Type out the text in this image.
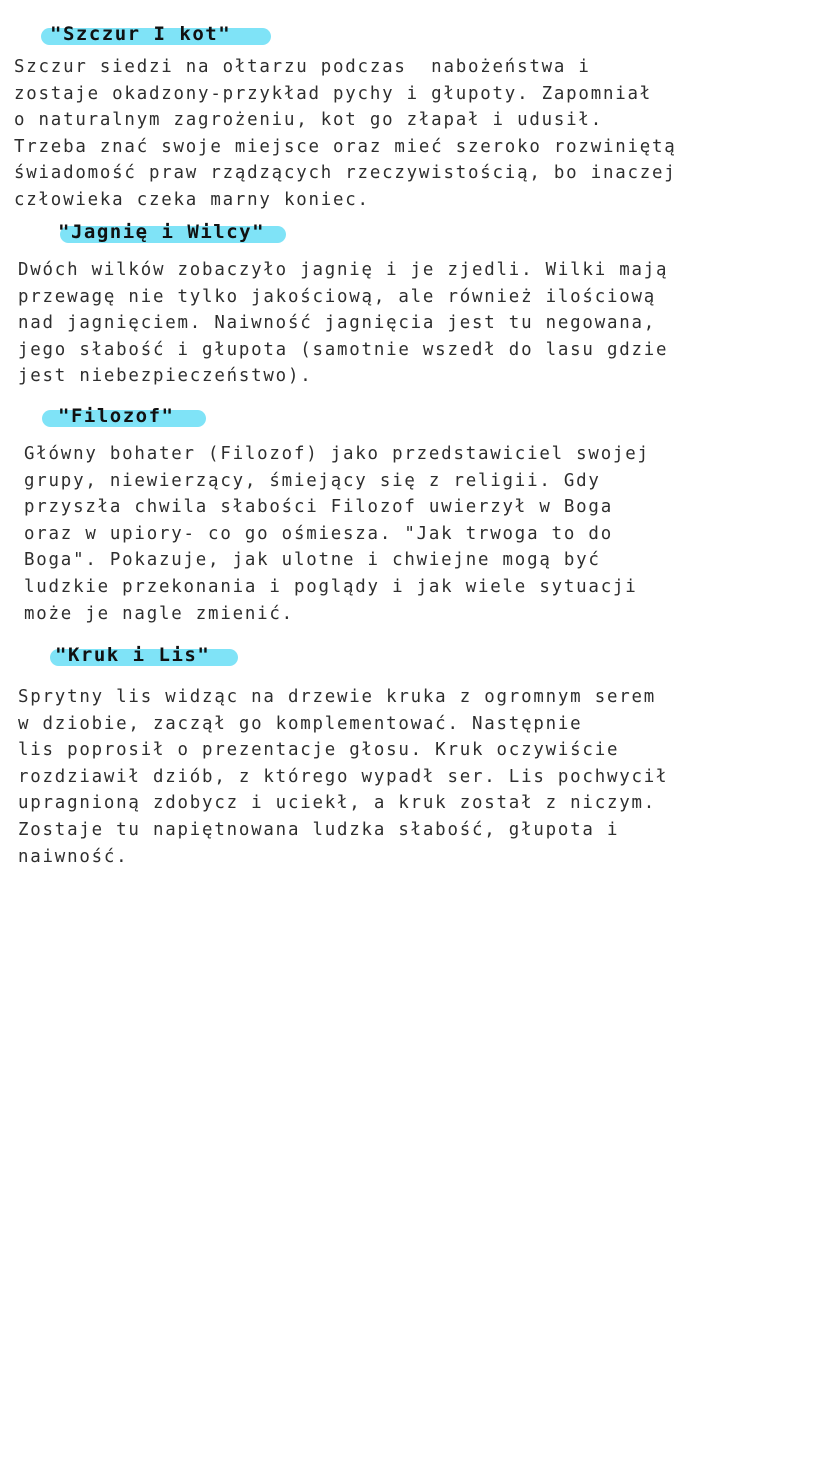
"Szczur I kot"
Szczur siedzi na ołtarzu podczas  nabożeństwa i
zostaje okadzony-przykład pychy i głupoty. Zapomniał
o naturalnym zagrożeniu, kot go złapał i udusił.
Trzeba znać swoje miejsce oraz mieć szeroko rozwiniętą
świadomość praw rządzących rzeczywistością, bo inaczej
człowieka czeka marny koniec.
"Jagnię i Wilcy"
Dwóch wilków zobaczyło jagnię i je zjedli. Wilki mają
przewagę nie tylko jakościową, ale również ilościową
nad jagnięciem. Naiwność jagnięcia jest tu negowana,
jego słabość i głupota (samotnie wszedł do lasu gdzie
jest niebezpieczeństwo).
"Filozof"
Główny bohater (Filozof) jako przedstawiciel swojej
grupy, niewierzący, śmiejący się z religii. Gdy
przyszła chwila słabości Filozof uwierzył w Boga
oraz w upiory- co go ośmiesza. "Jak trwoga to do
Boga". Pokazuje, jak ulotne i chwiejne mogą być
ludzkie przekonania i poglądy i jak wiele sytuacji
może je nagle zmienić.
"Kruk i Lis"
Sprytny lis widząc na drzewie kruka z ogromnym serem
w dziobie, zaczął go komplementować. Następnie
lis poprosił o prezentacje głosu. Kruk oczywiście
rozdziawił dziób, z którego wypadł ser. Lis pochwycił
upragnioną zdobycz i uciekł, a kruk został z niczym.
Zostaje tu napiętnowana ludzka słabość, głupota i
naiwność.
